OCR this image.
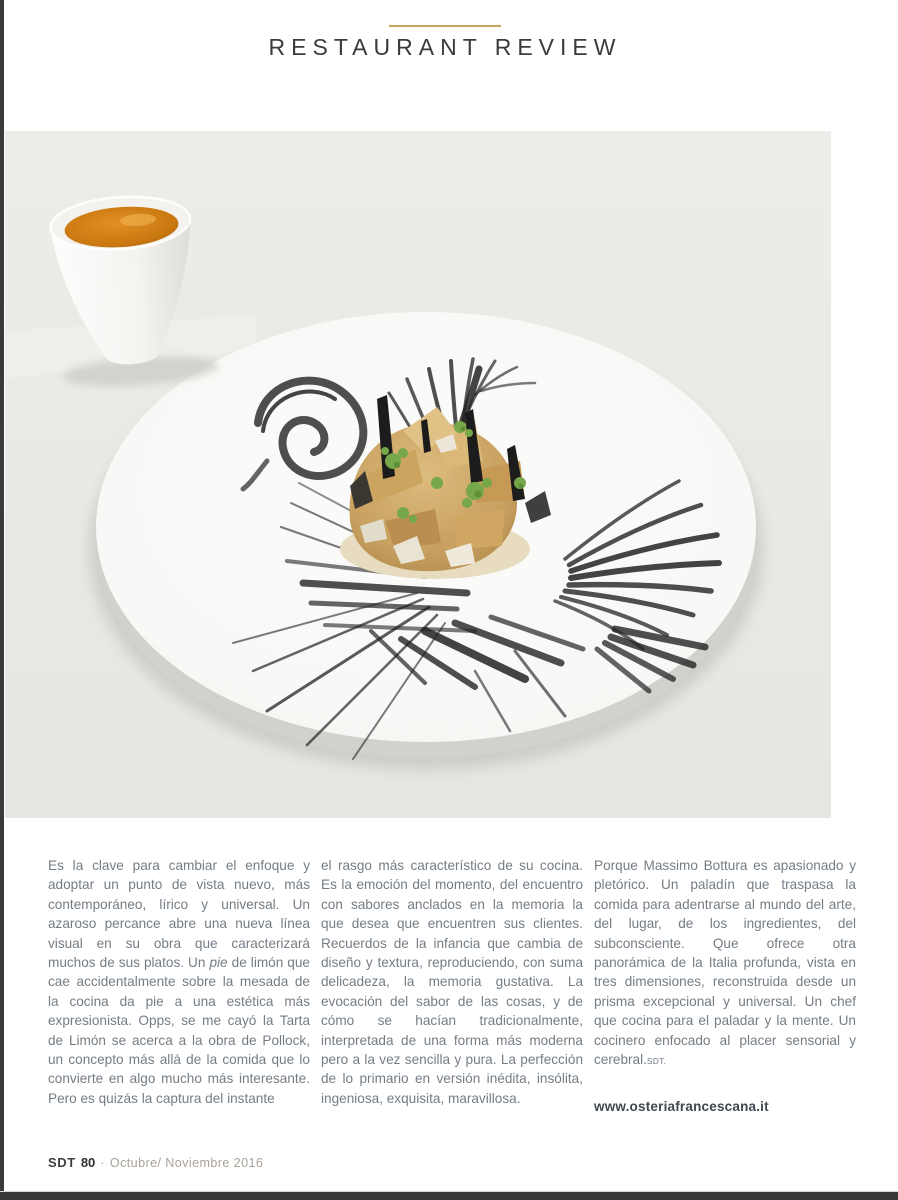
RESTAURANT REVIEW
Es la clave para cambiar el enfoque y adoptar un punto de vista nuevo, más contemporáneo, lírico y universal. Un azaroso percance abre una nueva línea visual en su obra que caracterizará muchos de sus platos. Un pie de limón que cae accidentalmente sobre la mesada de la cocina da pie a una estética más expresionista. Opps, se me cayó la Tarta de Limón se acerca a la obra de Pollock, un concepto más allá de la comida que lo convierte en algo mucho más interesante. Pero es quizás la captura del instante
el rasgo más característico de su cocina. Es la emoción del momento, del encuentro con sabores anclados en la memoria la que desea que encuentren sus clientes. Recuerdos de la infancia que cambia de diseño y textura, reproduciendo, con suma delicadeza, la memoria gustativa. La evocación del sabor de las cosas, y de cómo se hacían tradicionalmente, interpretada de una forma más moderna pero a la vez sencilla y pura. La perfección de lo primario en versión inédita, insólita, ingeniosa, exquisita, maravillosa.
Porque Massimo Bottura es apasionado y pletórico. Un paladín que traspasa la comida para adentrarse al mundo del arte, del lugar, de los ingredientes, del subconsciente. Que ofrece otra panorámica de la Italia profunda, vista en tres dimensiones, reconstruida desde un prisma excepcional y universal. Un chef que cocina para el paladar y la mente. Un cocinero enfocado al placer sensorial y cerebral.SDT.
www.osteriafrancescana.it
SDT 80 · Octubre/ Noviembre 2016
